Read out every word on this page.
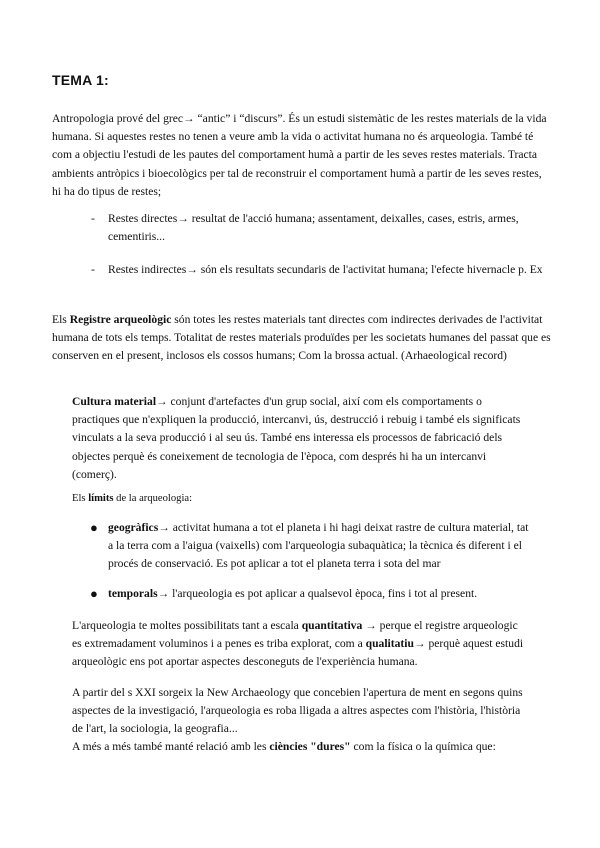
TEMA 1:

Antropologia prové del grec→ “antic” i “discurs”. És un estudi sistemàtic de les restes materials de la vida humana. Si aquestes restes no tenen a veure amb la vida o activitat humana no és arqueologia. També té com a objectiu l'estudi de les pautes del comportament humà a partir de les seves restes materials. Tracta ambients antròpics i bioecològics per tal de reconstruir el comportament humà a partir de les seves restes, hi ha do tipus de restes;

- Restes directes→ resultat de l'acció humana; assentament, deixalles, cases, estris, armes, cementiris...

- Restes indirectes→ són els resultats secundaris de l'activitat humana; l'efecte hivernacle p. Ex

Els Registre arqueològic són totes les restes materials tant directes com indirectes derivades de l'activitat humana de tots els temps. Totalitat de restes materials produïdes per les societats humanes del passat que es conserven en el present, inclosos els cossos humans; Com la brossa actual. (Arhaeological record)

Cultura material→ conjunt d'artefactes d'un grup social, així com els comportaments o practiques que n'expliquen la producció, intercanvi, ús, destrucció i rebuig i també els significats vinculats a la seva producció i al seu ús. També ens interessa els processos de fabricació dels objectes perquè és coneixement de tecnologia de l'època, com després hi ha un intercanvi (comerç).

Els límits de la arqueologia:

● geogràfics→ activitat humana a tot el planeta i hi hagi deixat rastre de cultura material, tat a la terra com a l'aigua (vaixells) com l'arqueologia subaquàtica; la tècnica és diferent i el procés de conservació. Es pot aplicar a tot el planeta terra i sota del mar

● temporals→ l'arqueologia es pot aplicar a qualsevol època, fins i tot al present.

L'arqueologia te moltes possibilitats tant a escala quantitativa → perque el registre arqueologic es extremadament voluminos i a penes es triba explorat, com a qualitatiu→ perquè aquest estudi arqueològic ens pot aportar aspectes desconeguts de l'experiència humana.

A partir del s XXI sorgeix la New Archaeology que concebien l'apertura de ment en segons quins aspectes de la investigació, l'arqueologia es roba lligada a altres aspectes com l'història, l'història de l'art, la sociologia, la geografia...

A més a més també manté relació amb les ciències "dures" com la física o la química que:
